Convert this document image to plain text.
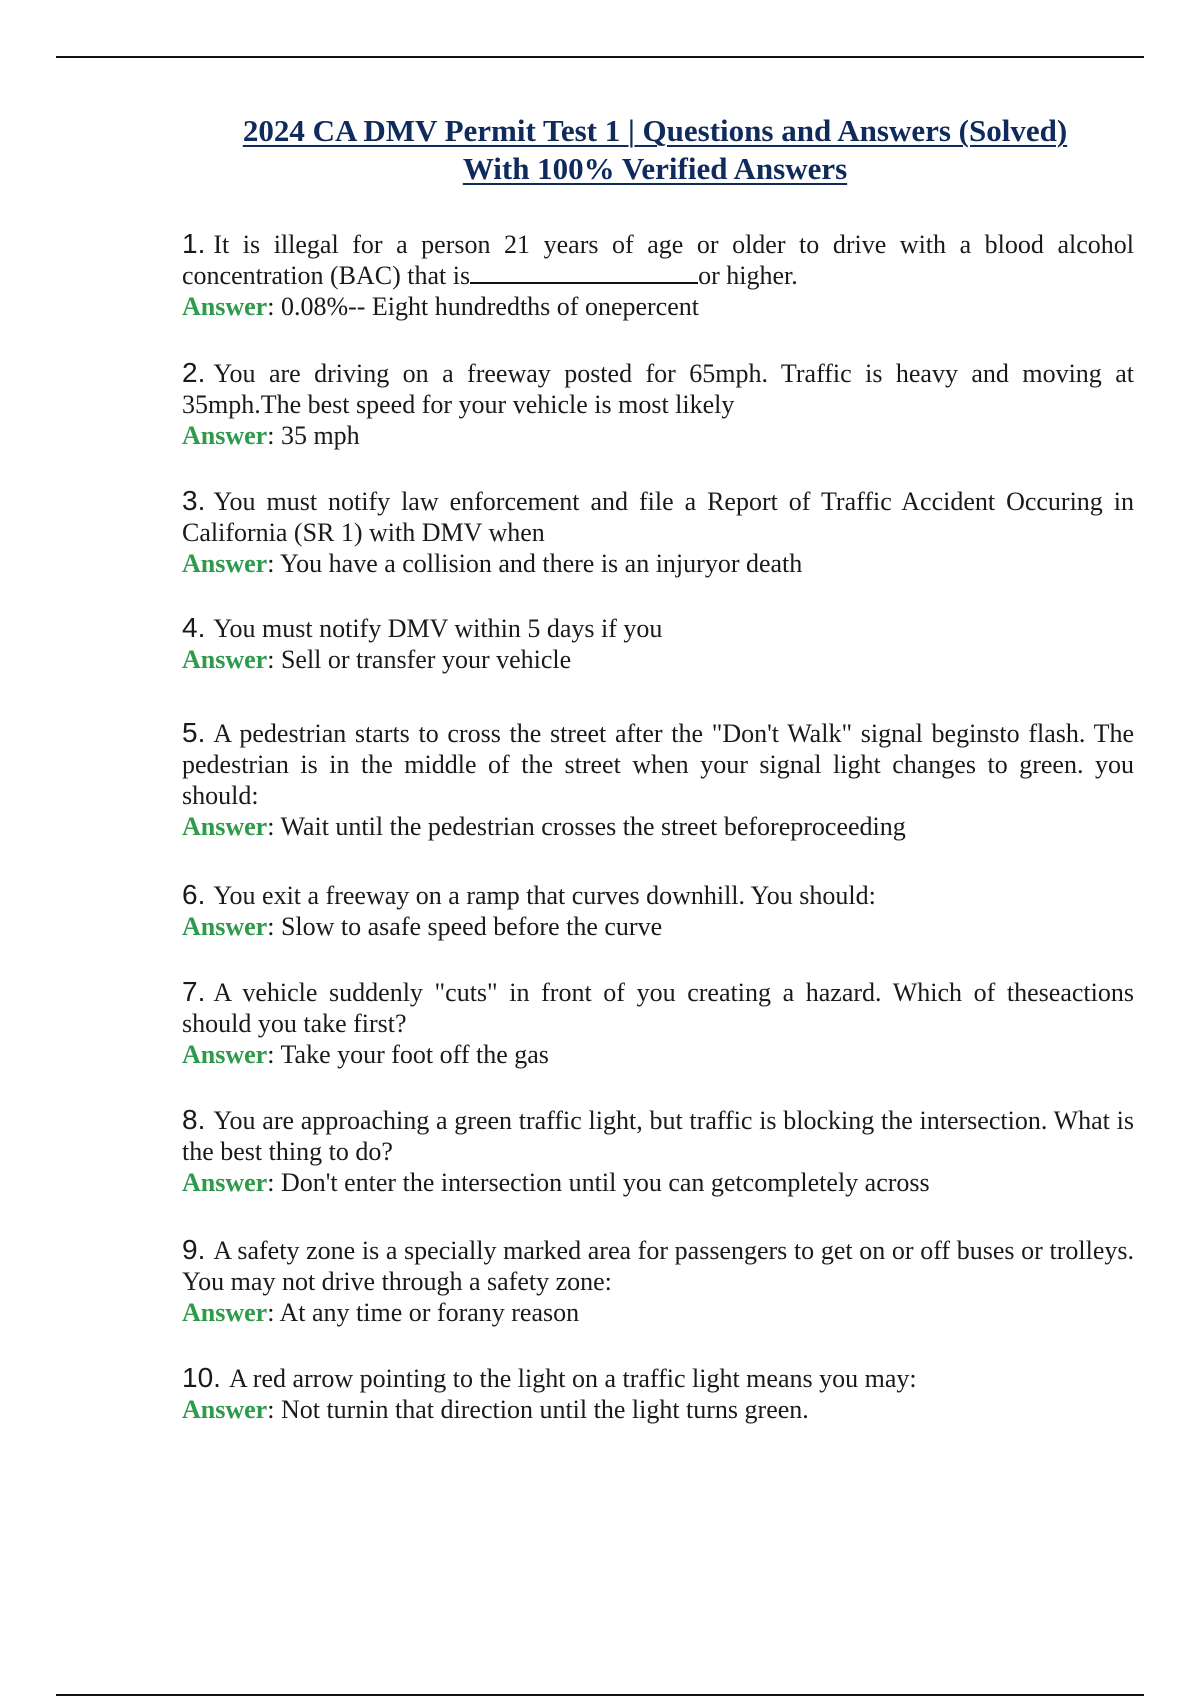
2024 CA DMV Permit Test 1 | Questions and Answers (Solved)
With 100% Verified Answers
1. It is illegal for a person 21 years of age or older to drive with a blood alcohol concentration (BAC) that is	or higher.
Answer: 0.08%-- Eight hundredths of onepercent
2. You are driving on a freeway posted for 65mph. Traffic is heavy and moving at 35mph.The best speed for your vehicle is most likely
Answer: 35 mph
3. You must notify law enforcement and file a Report of Traffic Accident Occuring in California (SR 1) with DMV when
Answer: You have a collision and there is an injuryor death
4. You must notify DMV within 5 days if you
Answer: Sell or transfer your vehicle
5. A pedestrian starts to cross the street after the "Don't Walk" signal beginsto flash. The pedestrian is in the middle of the street when your signal light changes to green. you should:
Answer: Wait until the pedestrian crosses the street beforeproceeding
6. You exit a freeway on a ramp that curves downhill. You should:
Answer: Slow to asafe speed before the curve
7. A vehicle suddenly "cuts" in front of you creating a hazard. Which of theseactions should you take first?
Answer: Take your foot off the gas
8. You are approaching a green traffic light, but traffic is blocking the intersection. What is the best thing to do?
Answer: Don't enter the intersection until you can getcompletely across
9. A safety zone is a specially marked area for passengers to get on or off buses or trolleys. You may not drive through a safety zone:
Answer: At any time or forany reason
10. A red arrow pointing to the light on a traffic light means you may:
Answer: Not turnin that direction until the light turns green.
